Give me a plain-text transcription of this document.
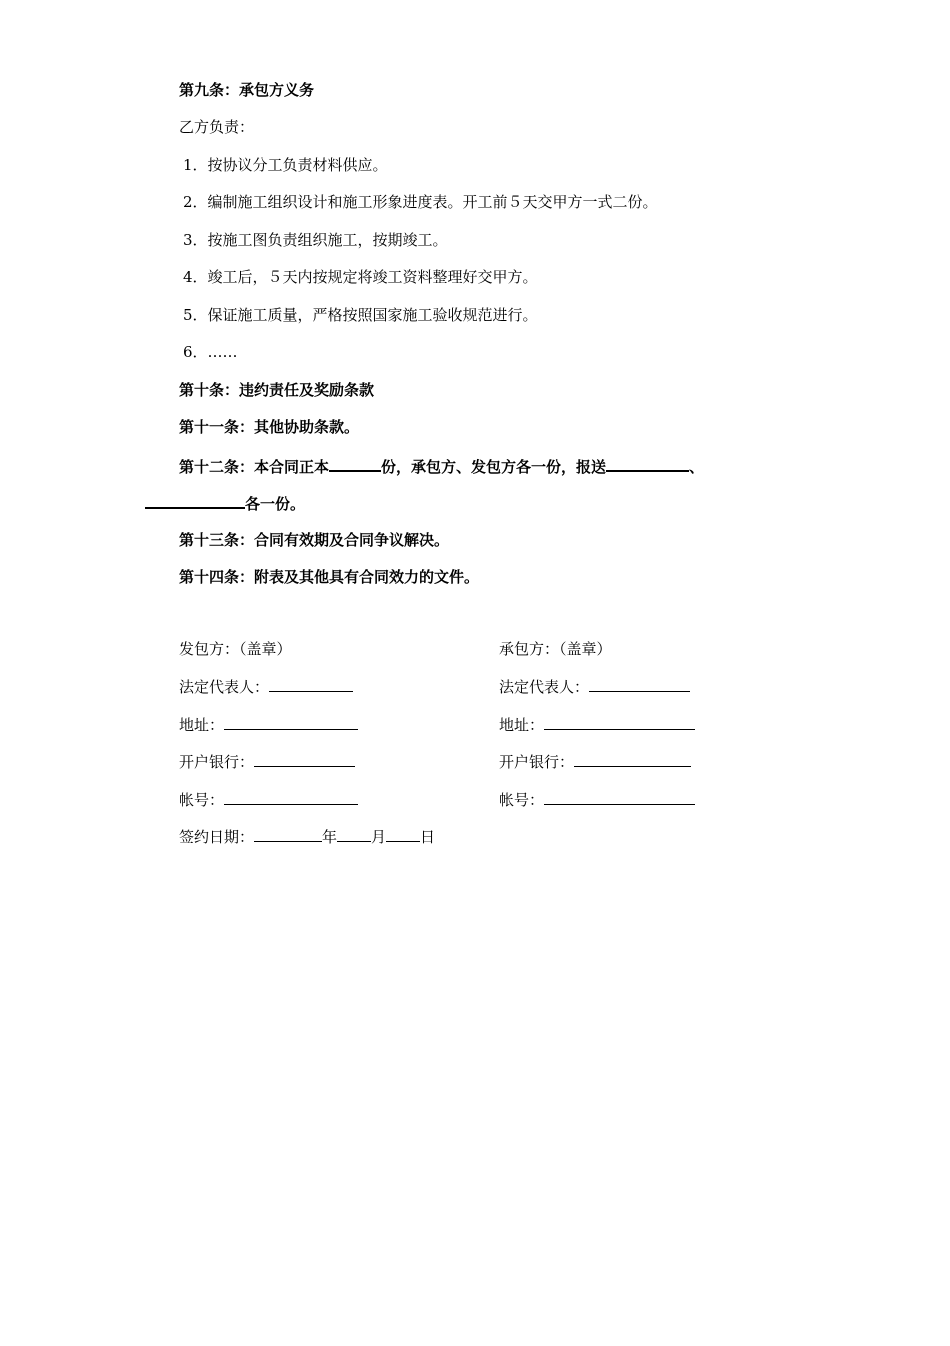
第九条：承包方义务
乙方负责：
1．按协议分工负责材料供应。
2．编制施工组织设计和施工形象进度表。开工前５天交甲方一式二份。
3．按施工图负责组织施工，按期竣工。
4．竣工后，５天内按规定将竣工资料整理好交甲方。
5．保证施工质量，严格按照国家施工验收规范进行。
6．……
第十条：违约责任及奖励条款
第十一条：其他协助条款。
第十二条：本合同正本	份，承包方、发包方各一份，报送	、
各一份。
第十三条：合同有效期及合同争议解决。
第十四条：附表及其他具有合同效力的文件。
发包方：（盖章）
法定代表人：
地址：
开户银行：
帐号：
承包方：（盖章）
法定代表人：
地址：
开户银行：
帐号：
签约日期：	年 月 日
